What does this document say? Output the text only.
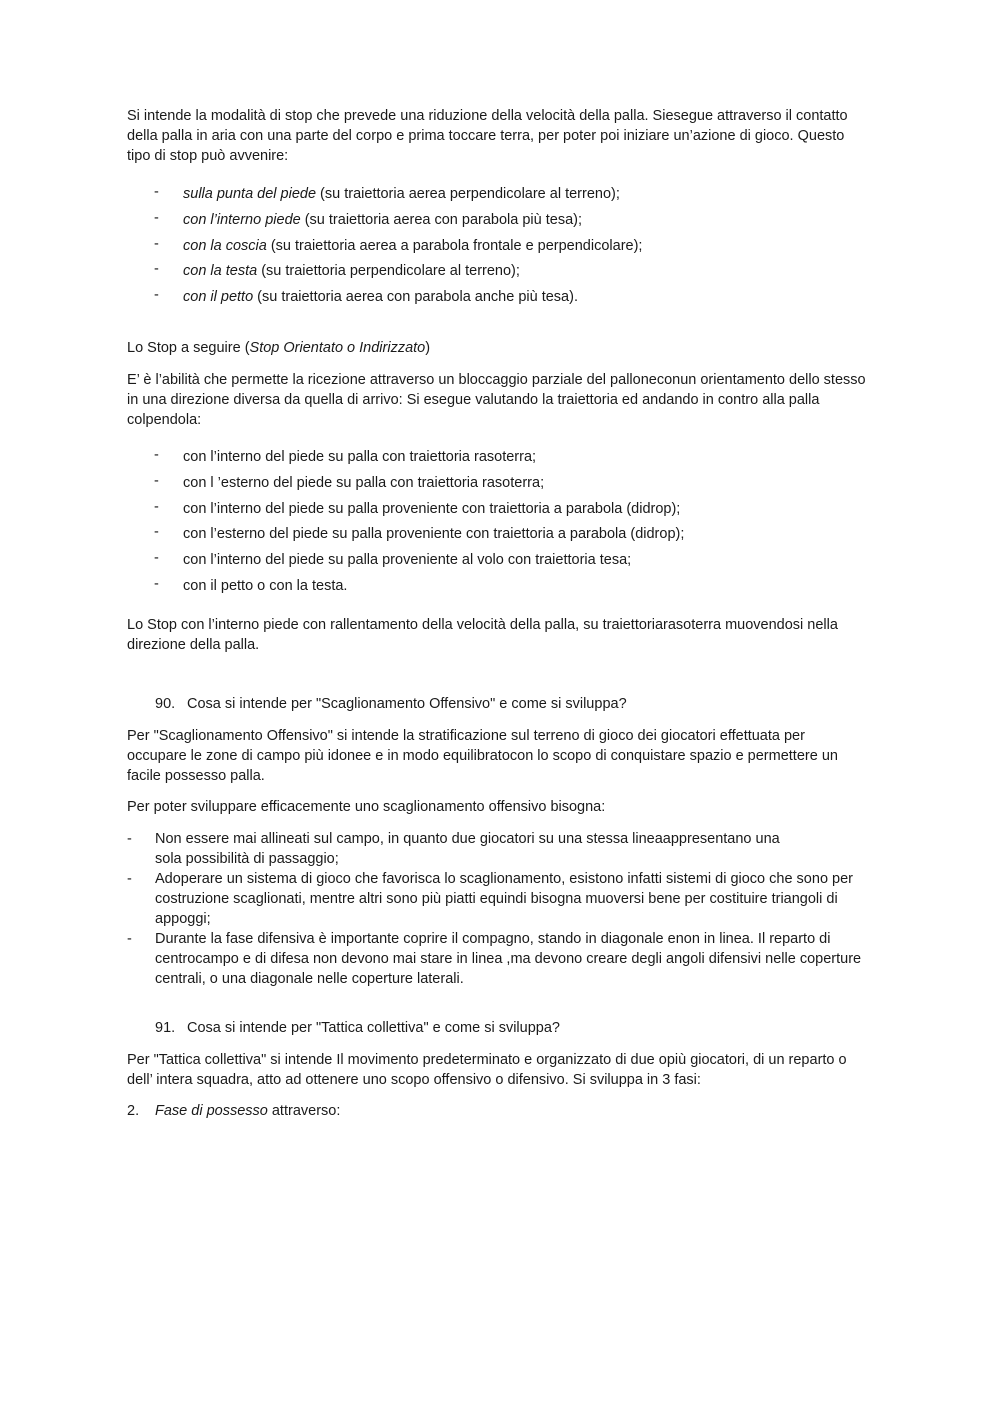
Si intende la modalità di stop che prevede una riduzione della velocità della palla. Siesegue attraverso il contatto della palla in aria con una parte del corpo e prima toccare terra, per poter poi iniziare un’azione di gioco. Questo tipo di stop può avvenire:

- sulla punta del piede (su traiettoria aerea perpendicolare al terreno);
- con l’interno piede (su traiettoria aerea con parabola più tesa);
- con la coscia (su traiettoria aerea a parabola frontale e perpendicolare);
- con la testa (su traiettoria perpendicolare al terreno);
- con il petto (su traiettoria aerea con parabola anche più tesa).
Lo Stop a seguire (Stop Orientato o Indirizzato)

E’ è l’abilità che permette la ricezione attraverso un bloccaggio parziale del palloneconun orientamento dello stesso in una direzione diversa da quella di arrivo: Si esegue valutando la traiettoria ed andando in contro alla palla colpendola:

- con l’interno del piede su palla con traiettoria rasoterra;
- con l ’esterno del piede su palla con traiettoria rasoterra;
- con l’interno del piede su palla proveniente con traiettoria a parabola (didrop);
- con l’esterno del piede su palla proveniente con traiettoria a parabola (didrop);
- con l’interno del piede su palla proveniente al volo con traiettoria tesa;
- con il petto o con la testa.

Lo Stop con l’interno piede con rallentamento della velocità della palla, su traiettoriarasoterra muovendosi nella direzione della palla.

90. Cosa si intende per "Scaglionamento Offensivo" e come si sviluppa?

Per "Scaglionamento Offensivo" si intende la stratificazione sul terreno di gioco dei giocatori effettuata per occupare le zone di campo più idonee e in modo equilibratocon lo scopo di conquistare spazio e permettere un facile possesso palla.

Per poter sviluppare efficacemente uno scaglionamento offensivo bisogna:

- Non essere mai allineati sul campo, in quanto due giocatori su una stessa lineaappresentano una sola possibilità di passaggio;
- Adoperare un sistema di gioco che favorisca lo scaglionamento, esistono infatti sistemi di gioco che sono per costruzione scaglionati, mentre altri sono più piatti equindi bisogna muoversi bene per costituire triangoli di appoggi;
- Durante la fase difensiva è importante coprire il compagno, stando in diagonale enon in linea. Il reparto di centrocampo e di difesa non devono mai stare in linea ,ma devono creare degli angoli difensivi nelle coperture centrali, o una diagonale nelle coperture laterali.
91. Cosa si intende per "Tattica collettiva" e come si sviluppa?

Per "Tattica collettiva" si intende Il movimento predeterminato e organizzato di due opiù giocatori, di un reparto o dell’ intera squadra, atto ad ottenere uno scopo offensivo o difensivo. Si sviluppa in 3 fasi:

2. Fase di possesso attraverso:
